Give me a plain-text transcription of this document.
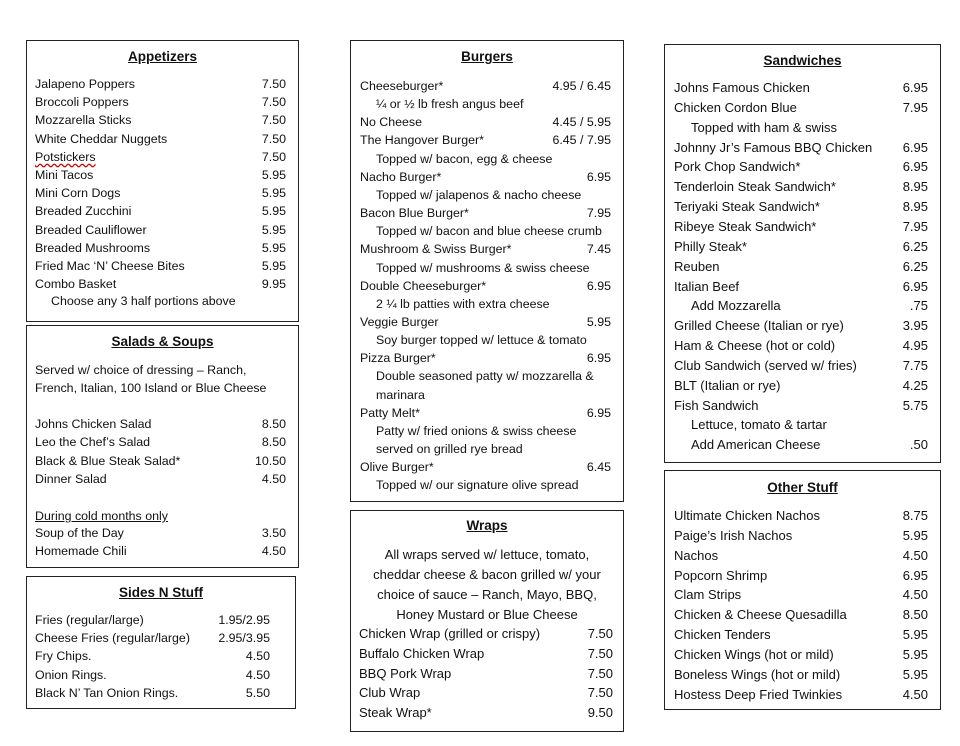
Appetizers
Jalapeno Poppers	7.50
Broccoli Poppers	7.50
Mozzarella Sticks	7.50
White Cheddar Nuggets	7.50
Potstickers	7.50
Mini Tacos	5.95
Mini Corn Dogs	5.95
Breaded Zucchini	5.95
Breaded Cauliflower	5.95
Breaded Mushrooms	5.95
Fried Mac ‘N’ Cheese Bites	5.95
Combo Basket	9.95
Choose any 3 half portions above
Salads & Soups
Served w/ choice of dressing – Ranch,
French, Italian, 100 Island or Blue Cheese
Johns Chicken Salad	8.50
Leo the Chef’s Salad	8.50
Black & Blue Steak Salad*	10.50
Dinner Salad	4.50
During cold months only
Soup of the Day	3.50
Homemade Chili	4.50
Sides N Stuff
Fries (regular/large)	1.95/2.95
Cheese Fries (regular/large) 2.95/3.95
Fry Chips.	4.50
Onion Rings.	4.50
Black N’ Tan Onion Rings.	5.50
Burgers
Cheeseburger*	4.95 / 6.45
¼ or ½ lb fresh angus beef
No Cheese	4.45 / 5.95
The Hangover Burger*	6.45 / 7.95
Topped w/ bacon, egg & cheese
Nacho Burger*	6.95
Topped w/ jalapenos & nacho cheese
Bacon Blue Burger*	7.95
Topped w/ bacon and blue cheese crumb
Mushroom & Swiss Burger*	7.45
Topped w/ mushrooms & swiss cheese
Double Cheeseburger*	6.95
2 ¼ lb patties with extra cheese
Veggie Burger	5.95
Soy burger topped w/ lettuce & tomato
Pizza Burger*	6.95
Double seasoned patty w/ mozzarella &
marinara
Patty Melt*	6.95
Patty w/ fried onions & swiss cheese
served on grilled rye bread
Olive Burger*	6.45
Topped w/ our signature olive spread
Wraps
All wraps served w/ lettuce, tomato,
cheddar cheese & bacon grilled w/ your
choice of sauce – Ranch, Mayo, BBQ,
Honey Mustard or Blue Cheese
Chicken Wrap (grilled or crispy)	7.50
Buffalo Chicken Wrap	7.50
BBQ Pork Wrap	7.50
Club Wrap	7.50
Steak Wrap*	9.50
Sandwiches
Johns Famous Chicken	6.95
Chicken Cordon Blue	7.95
Topped with ham & swiss
Johnny Jr’s Famous BBQ Chicken 6.95
Pork Chop Sandwich*	6.95
Tenderloin Steak Sandwich*	8.95
Teriyaki Steak Sandwich*	8.95
Ribeye Steak Sandwich*	7.95
Philly Steak*	6.25
Reuben	6.25
Italian Beef	6.95
Add Mozzarella	.75
Grilled Cheese (Italian or rye)	3.95
Ham & Cheese (hot or cold)	4.95
Club Sandwich (served w/ fries)	7.75
BLT (Italian or rye)	4.25
Fish Sandwich	5.75
Lettuce, tomato & tartar
Add American Cheese	.50
Other Stuff
Ultimate Chicken Nachos	8.75
Paige’s Irish Nachos	5.95
Nachos	4.50
Popcorn Shrimp	6.95
Clam Strips	4.50
Chicken & Cheese Quesadilla	8.50
Chicken Tenders	5.95
Chicken Wings (hot or mild)	5.95
Boneless Wings (hot or mild)	5.95
Hostess Deep Fried Twinkies	4.50
